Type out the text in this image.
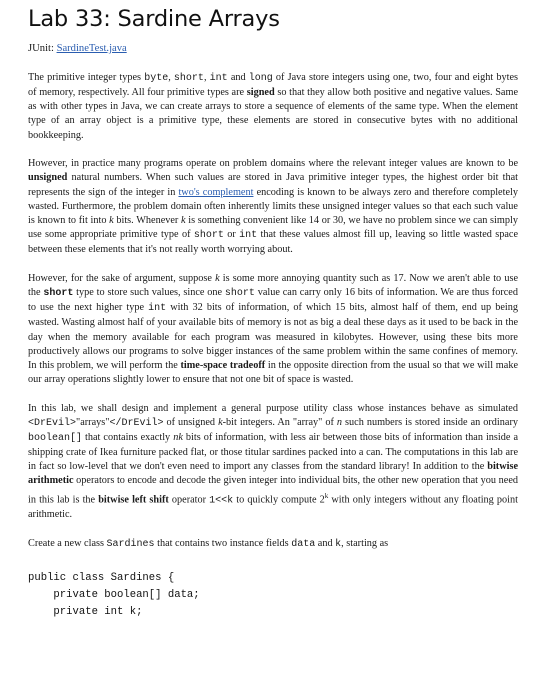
Lab 33: Sardine Arrays
JUnit: SardineTest.java

The primitive integer types byte, short, int and long of Java store integers using one, two, four and eight bytes of memory, respectively. All four primitive types are signed so that they allow both positive and negative values. Same as with other types in Java, we can create arrays to store a sequence of elements of the same type. When the element type of an array object is a primitive type, these elements are stored in consecutive bytes with no additional bookkeeping.

However, in practice many programs operate on problem domains where the relevant integer values are known to be unsigned natural numbers. When such values are stored in Java primitive integer types, the highest order bit that represents the sign of the integer in two's complement encoding is known to be always zero and therefore completely wasted. Furthermore, the problem domain often inherently limits these unsigned integer values so that each such value is known to fit into k bits. Whenever k is something convenient like 14 or 30, we have no problem since we can simply use some appropriate primitive type of short or int that these values almost fill up, leaving so little wasted space between these elements that it's not really worth worrying about.

However, for the sake of argument, suppose k is some more annoying quantity such as 17. Now we aren't able to use the short type to store such values, since one short value can carry only 16 bits of information. We are thus forced to use the next higher type int with 32 bits of information, of which 15 bits, almost half of them, end up being wasted. Wasting almost half of your available bits of memory is not as big a deal these days as it used to be back in the day when the memory available for each program was measured in kilobytes. However, using these bits more productively allows our programs to solve bigger instances of the same problem within the same confines of memory. In this problem, we will perform the time-space tradeoff in the opposite direction from the usual so that we will make our array operations slightly lower to ensure that not one bit of space is wasted.

In this lab, we shall design and implement a general purpose utility class whose instances behave as simulated <DrEvil>"arrays"</DrEvil> of unsigned k-bit integers. An "array" of n such numbers is stored inside an ordinary boolean[] that contains exactly nk bits of information, with less air between those bits of information than inside a shipping crate of Ikea furniture packed flat, or those titular sardines packed into a can. The computations in this lab are in fact so low-level that we don't even need to import any classes from the standard library! In addition to the bitwise arithmetic operators to encode and decode the given integer into individual bits, the other new operation that you need in this lab is the bitwise left shift operator 1<<k to quickly compute 2$^k$ with only integers without any floating point arithmetic.

Create a new class Sardines that contains two instance fields data and k, starting as

public class Sardines {
private boolean[] data;
private int k;
